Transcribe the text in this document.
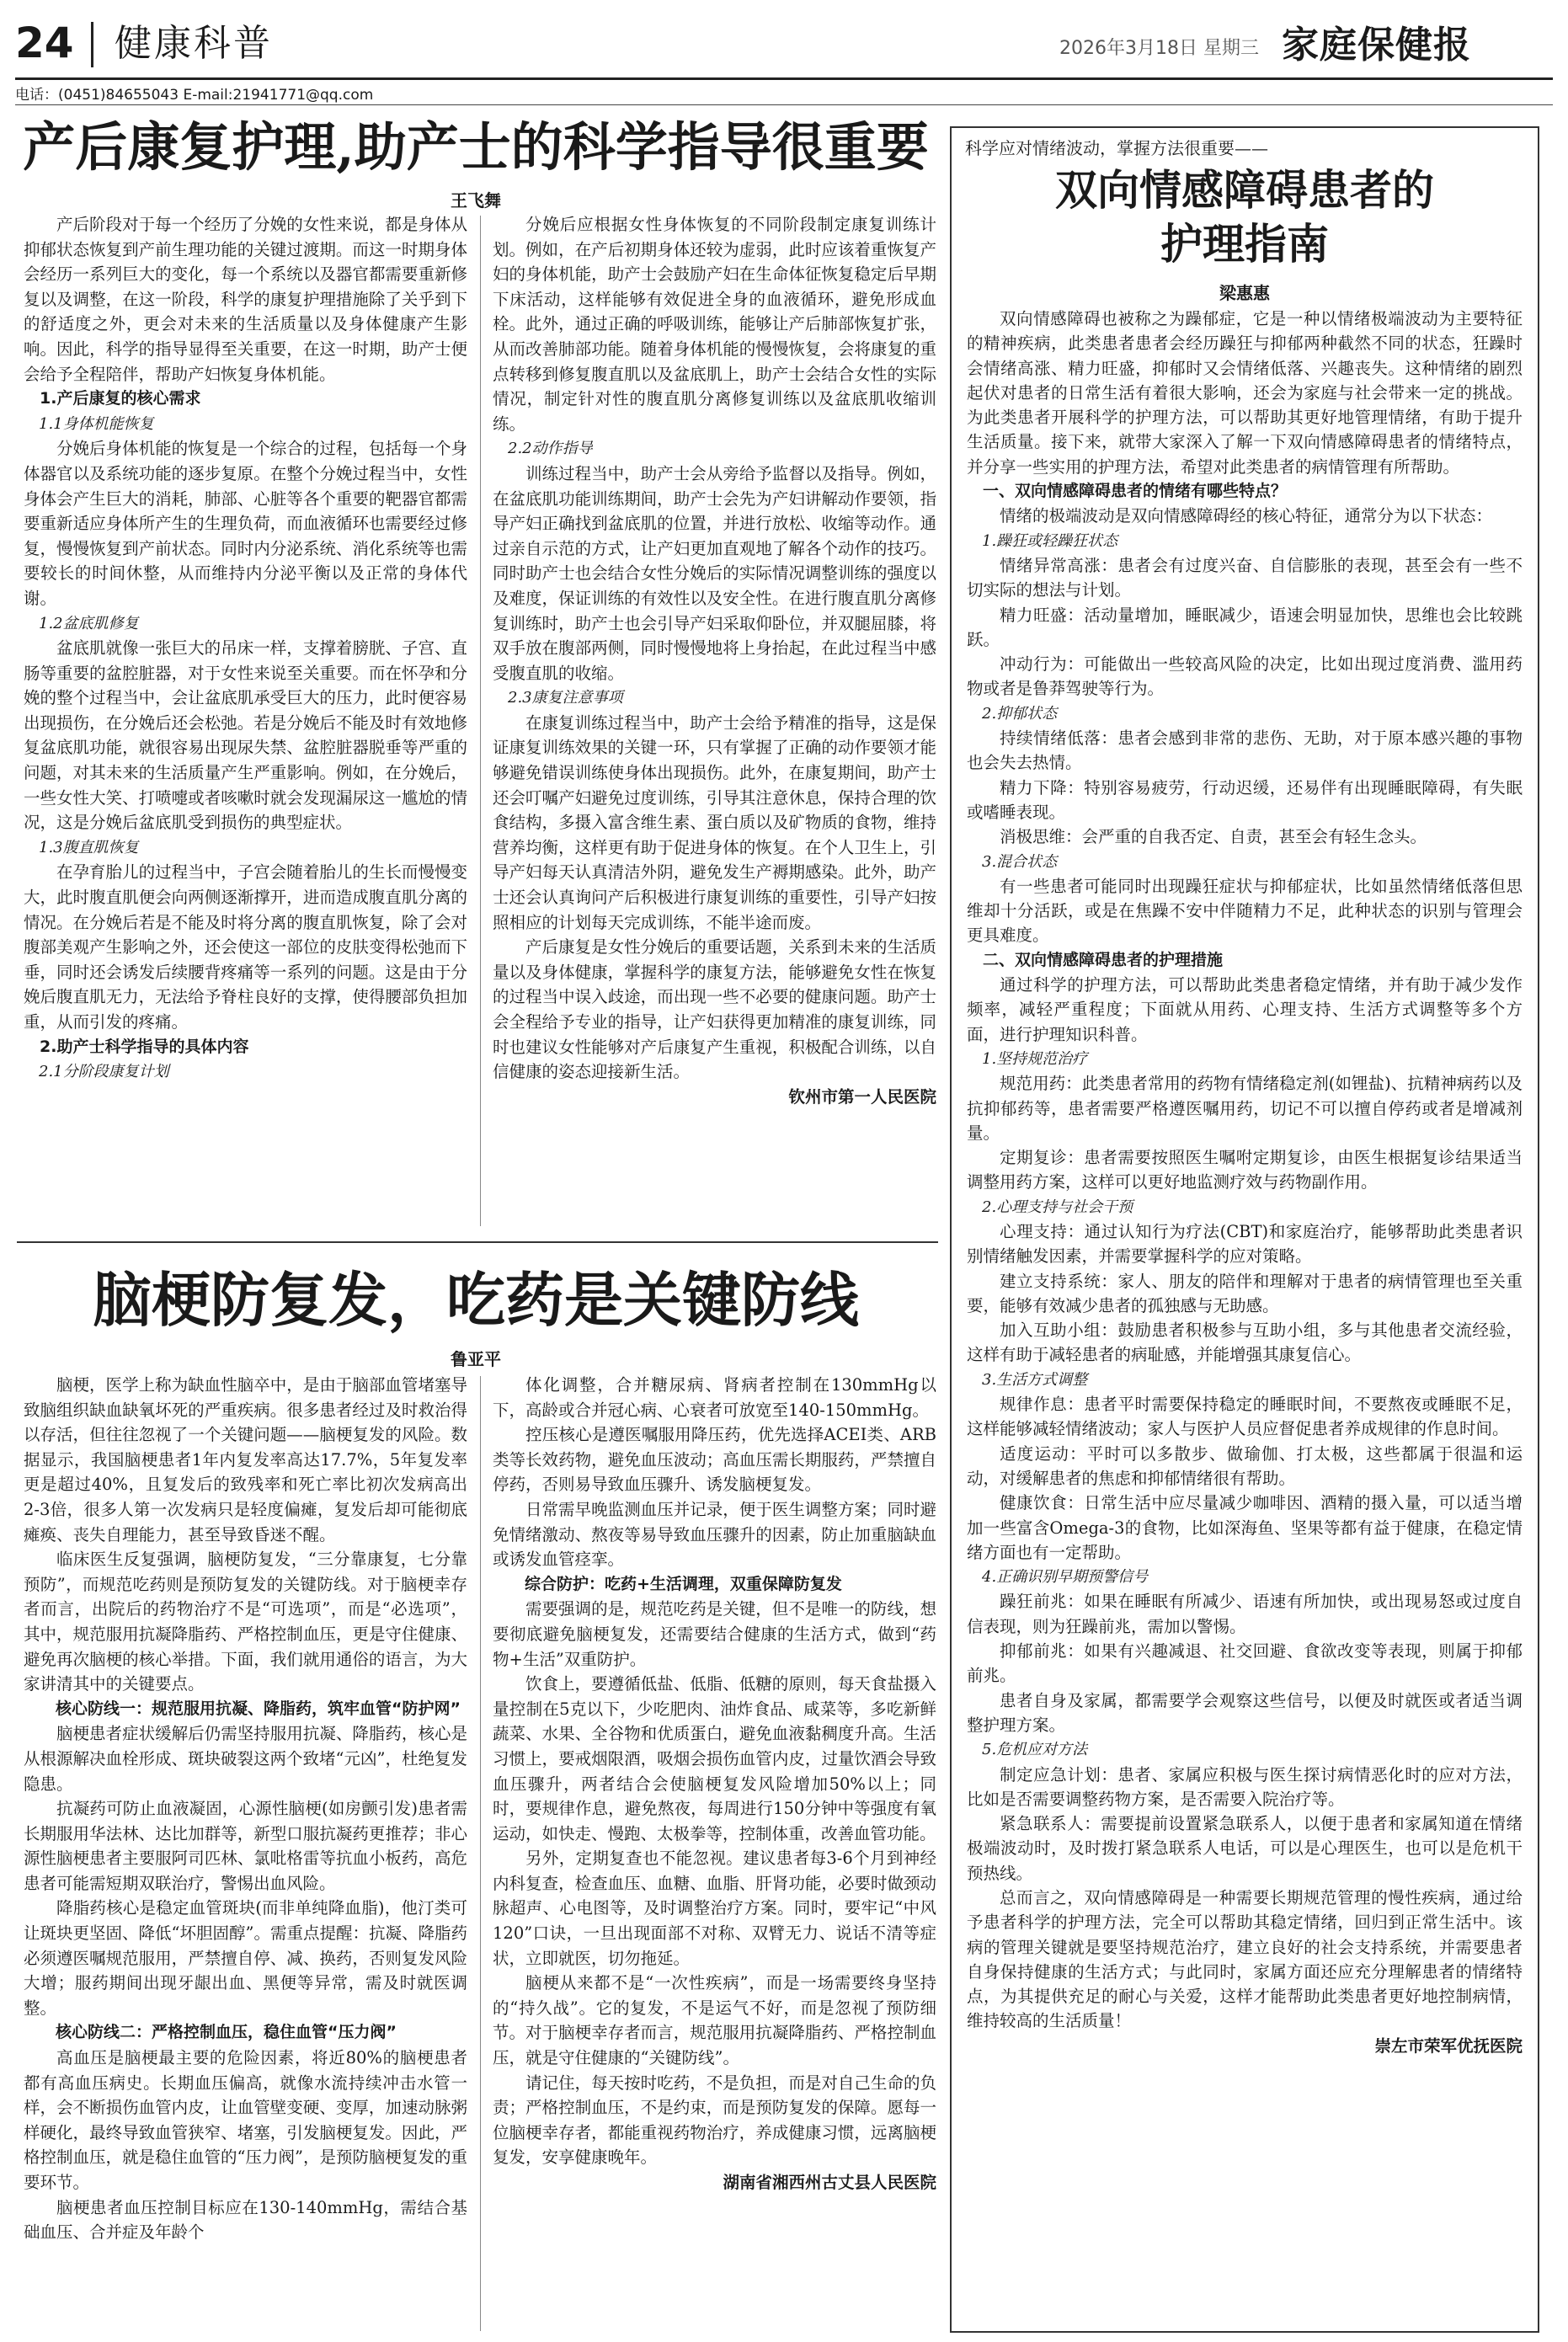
24 健康科普	2026年3月18日 星期三 家庭保健报
电话：(0451)84655043 E-mail:21941771@qq.com
产后康复护理,助产士的科学指导很重要
王飞舞

产后阶段对于每一个经历了分娩的女性来说，都是身体从抑郁状态恢复到产前生理功能的关键过渡期。而这一时期身体会经历一系列巨大的变化，每一个系统以及器官都需要重新修复以及调整，在这一阶段，科学的康复护理措施除了关乎到下的舒适度之外，更会对未来的生活质量以及身体健康产生影响。因此，科学的指导显得至关重要，在这一时期，助产士便会给予全程陪伴，帮助产妇恢复身体机能。

1.产后康复的核心需求

1.1身体机能恢复

分娩后身体机能的恢复是一个综合的过程，包括每一个身体器官以及系统功能的逐步复原。在整个分娩过程当中，女性身体会产生巨大的消耗，肺部、心脏等各个重要的靶器官都需要重新适应身体所产生的生理负荷，而血液循环也需要经过修复，慢慢恢复到产前状态。同时内分泌系统、消化系统等也需要较长的时间休整，从而维持内分泌平衡以及正常的身体代谢。

1.2盆底肌修复

盆底肌就像一张巨大的吊床一样，支撑着膀胱、子宫、直肠等重要的盆腔脏器，对于女性来说至关重要。而在怀孕和分娩的整个过程当中，会让盆底肌承受巨大的压力，此时便容易出现损伤，在分娩后还会松弛。若是分娩后不能及时有效地修复盆底肌功能，就很容易出现尿失禁、盆腔脏器脱垂等严重的问题，对其未来的生活质量产生严重影响。例如，在分娩后，一些女性大笑、打喷嚏或者咳嗽时就会发现漏尿这一尴尬的情况，这是分娩后盆底肌受到损伤的典型症状。

1.3腹直肌恢复

在孕育胎儿的过程当中，子宫会随着胎儿的生长而慢慢变大，此时腹直肌便会向两侧逐渐撑开，进而造成腹直肌分离的情况。在分娩后若是不能及时将分离的腹直肌恢复，除了会对腹部美观产生影响之外，还会使这一部位的皮肤变得松弛而下垂，同时还会诱发后续腰背疼痛等一系列的问题。这是由于分娩后腹直肌无力，无法给予脊柱良好的支撑，使得腰部负担加重，从而引发的疼痛。

2.助产士科学指导的具体内容

2.1分阶段康复计划

分娩后应根据女性身体恢复的不同阶段制定康复训练计划。例如，在产后初期身体还较为虚弱，此时应该着重恢复产妇的身体机能，助产士会鼓励产妇在生命体征恢复稳定后早期下床活动，这样能够有效促进全身的血液循环，避免形成血栓。此外，通过正确的呼吸训练，能够让产后肺部恢复扩张，从而改善肺部功能。随着身体机能的慢慢恢复，会将康复的重点转移到修复腹直肌以及盆底肌上，助产士会结合女性的实际情况，制定针对性的腹直肌分离修复训练以及盆底肌收缩训练。

2.2动作指导

训练过程当中，助产士会从旁给予监督以及指导。例如，在盆底肌功能训练期间，助产士会先为产妇讲解动作要领，指导产妇正确找到盆底肌的位置，并进行放松、收缩等动作。通过亲自示范的方式，让产妇更加直观地了解各个动作的技巧。同时助产士也会结合女性分娩后的实际情况调整训练的强度以及难度，保证训练的有效性以及安全性。在进行腹直肌分离修复训练时，助产士也会引导产妇采取仰卧位，并双腿屈膝，将双手放在腹部两侧，同时慢慢地将上身抬起，在此过程当中感受腹直肌的收缩。

2.3康复注意事项

在康复训练过程当中，助产士会给予精准的指导，这是保证康复训练效果的关键一环，只有掌握了正确的动作要领才能够避免错误训练使身体出现损伤。此外，在康复期间，助产士还会叮嘱产妇避免过度训练，引导其注意休息，保持合理的饮食结构，多摄入富含维生素、蛋白质以及矿物质的食物，维持营养均衡，这样更有助于促进身体的恢复。在个人卫生上，引导产妇每天认真清洁外阴，避免发生产褥期感染。此外，助产士还会认真询问产后积极进行康复训练的重要性，引导产妇按照相应的计划每天完成训练，不能半途而废。

产后康复是女性分娩后的重要话题，关系到未来的生活质量以及身体健康，掌握科学的康复方法，能够避免女性在恢复的过程当中误入歧途，而出现一些不必要的健康问题。助产士会全程给予专业的指导，让产妇获得更加精准的康复训练，同时也建议女性能够对产后康复产生重视，积极配合训练，以自信健康的姿态迎接新生活。

钦州市第一人民医院

脑梗防复发，吃药是关键防线
鲁亚平

脑梗，医学上称为缺血性脑卒中，是由于脑部血管堵塞导致脑组织缺血缺氧坏死的严重疾病。很多患者经过及时救治得以存活，但往往忽视了一个关键问题——脑梗复发的风险。数据显示，我国脑梗患者1年内复发率高达17.7%，5年复发率更是超过40%，且复发后的致残率和死亡率比初次发病高出2-3倍，很多人第一次发病只是轻度偏瘫，复发后却可能彻底瘫痪、丧失自理能力，甚至导致昏迷不醒。

临床医生反复强调，脑梗防复发，“三分靠康复，七分靠预防”，而规范吃药则是预防复发的关键防线。对于脑梗幸存者而言，出院后的药物治疗不是“可选项”，而是“必选项”，其中，规范服用抗凝降脂药、严格控制血压，更是守住健康、避免再次脑梗的核心举措。下面，我们就用通俗的语言，为大家讲清其中的关键要点。

核心防线一：规范服用抗凝、降脂药，筑牢血管“防护网”

脑梗患者症状缓解后仍需坚持服用抗凝、降脂药，核心是从根源解决血栓形成、斑块破裂这两个致堵“元凶”，杜绝复发隐患。

抗凝药可防止血液凝固，心源性脑梗(如房颤引发)患者需长期服用华法林、达比加群等，新型口服抗凝药更推荐；非心源性脑梗患者主要服阿司匹林、氯吡格雷等抗血小板药，高危患者可能需短期双联治疗，警惕出血风险。

降脂药核心是稳定血管斑块(而非单纯降血脂)，他汀类可让斑块更坚固、降低“坏胆固醇”。需重点提醒：抗凝、降脂药必须遵医嘱规范服用，严禁擅自停、减、换药，否则复发风险大增；服药期间出现牙龈出血、黑便等异常，需及时就医调整。

核心防线二：严格控制血压，稳住血管“压力阀”

高血压是脑梗最主要的危险因素，将近80%的脑梗患者都有高血压病史。长期血压偏高，就像水流持续冲击水管一样，会不断损伤血管内皮，让血管壁变硬、变厚，加速动脉粥样硬化，最终导致血管狭窄、堵塞，引发脑梗复发。因此，严格控制血压，就是稳住血管的“压力阀”，是预防脑梗复发的重要环节。

脑梗患者血压控制目标应在130-140mmHg，需结合基础血压、合并症及年龄个

体化调整，合并糖尿病、肾病者控制在130mmHg以下，高龄或合并冠心病、心衰者可放宽至140-150mmHg。

控压核心是遵医嘱服用降压药，优先选择ACEI类、ARB类等长效药物，避免血压波动；高血压需长期服药，严禁擅自停药，否则易导致血压骤升、诱发脑梗复发。

日常需早晚监测血压并记录，便于医生调整方案；同时避免情绪激动、熬夜等易导致血压骤升的因素，防止加重脑缺血或诱发血管痉挛。

综合防护：吃药+生活调理，双重保障防复发

需要强调的是，规范吃药是关键，但不是唯一的防线，想要彻底避免脑梗复发，还需要结合健康的生活方式，做到“药物+生活”双重防护。

饮食上，要遵循低盐、低脂、低糖的原则，每天食盐摄入量控制在5克以下，少吃肥肉、油炸食品、咸菜等，多吃新鲜蔬菜、水果、全谷物和优质蛋白，避免血液黏稠度升高。生活习惯上，要戒烟限酒，吸烟会损伤血管内皮，过量饮酒会导致血压骤升，两者结合会使脑梗复发风险增加50%以上；同时，要规律作息，避免熬夜，每周进行150分钟中等强度有氧运动，如快走、慢跑、太极拳等，控制体重，改善血管功能。

另外，定期复查也不能忽视。建议患者每3-6个月到神经内科复查，检查血压、血糖、血脂、肝肾功能，必要时做颈动脉超声、心电图等，及时调整治疗方案。同时，要牢记“中风120”口诀，一旦出现面部不对称、双臂无力、说话不清等症状，立即就医，切勿拖延。

脑梗从来都不是“一次性疾病”，而是一场需要终身坚持的“持久战”。它的复发，不是运气不好，而是忽视了预防细节。对于脑梗幸存者而言，规范服用抗凝降脂药、严格控制血压，就是守住健康的“关键防线”。

请记住，每天按时吃药，不是负担，而是对自己生命的负责；严格控制血压，不是约束，而是预防复发的保障。愿每一位脑梗幸存者，都能重视药物治疗，养成健康习惯，远离脑梗复发，安享健康晚年。

湖南省湘西州古丈县人民医院

科学应对情绪波动，掌握方法很重要——
双向情感障碍患者的
护理指南
梁惠惠

双向情感障碍也被称之为躁郁症，它是一种以情绪极端波动为主要特征的精神疾病，此类患者患者会经历躁狂与抑郁两种截然不同的状态，狂躁时会情绪高涨、精力旺盛，抑郁时又会情绪低落、兴趣丧失。这种情绪的剧烈起伏对患者的日常生活有着很大影响，还会为家庭与社会带来一定的挑战。为此类患者开展科学的护理方法，可以帮助其更好地管理情绪，有助于提升生活质量。接下来，就带大家深入了解一下双向情感障碍患者的情绪特点，并分享一些实用的护理方法，希望对此类患者的病情管理有所帮助。

一、双向情感障碍患者的情绪有哪些特点？

情绪的极端波动是双向情感障碍经的核心特征，通常分为以下状态：

1.躁狂或轻躁狂状态

情绪异常高涨：患者会有过度兴奋、自信膨胀的表现，甚至会有一些不切实际的想法与计划。

精力旺盛：活动量增加，睡眠减少，语速会明显加快，思维也会比较跳跃。

冲动行为：可能做出一些较高风险的决定，比如出现过度消费、滥用药物或者是鲁莽驾驶等行为。

2.抑郁状态

持续情绪低落：患者会感到非常的悲伤、无助，对于原本感兴趣的事物也会失去热情。

精力下降：特别容易疲劳，行动迟缓，还易伴有出现睡眠障碍，有失眠或嗜睡表现。

消极思维：会严重的自我否定、自责，甚至会有轻生念头。

3.混合状态

有一些患者可能同时出现躁狂症状与抑郁症状，比如虽然情绪低落但思维却十分活跃，或是在焦躁不安中伴随精力不足，此种状态的识别与管理会更具难度。

二、双向情感障碍患者的护理措施

通过科学的护理方法，可以帮助此类患者稳定情绪，并有助于减少发作频率，减轻严重程度；下面就从用药、心理支持、生活方式调整等多个方面，进行护理知识科普。

1.坚持规范治疗

规范用药：此类患者常用的药物有情绪稳定剂(如锂盐)、抗精神病药以及抗抑郁药等，患者需要严格遵医嘱用药，切记不可以擅自停药或者是增减剂量。

定期复诊：患者需要按照医生嘱咐定期复诊，由医生根据复诊结果适当调整用药方案，这样可以更好地监测疗效与药物副作用。

2.心理支持与社会干预

心理支持：通过认知行为疗法(CBT)和家庭治疗，能够帮助此类患者识别情绪触发因素，并需要掌握科学的应对策略。

建立支持系统：家人、朋友的陪伴和理解对于患者的病情管理也至关重要，能够有效减少患者的孤独感与无助感。

加入互助小组：鼓励患者积极参与互助小组，多与其他患者交流经验，这样有助于减轻患者的病耻感，并能增强其康复信心。

3.生活方式调整

规律作息：患者平时需要保持稳定的睡眠时间，不要熬夜或睡眠不足，这样能够减轻情绪波动；家人与医护人员应督促患者养成规律的作息时间。

适度运动：平时可以多散步、做瑜伽、打太极，这些都属于很温和运动，对缓解患者的焦虑和抑郁情绪很有帮助。

健康饮食：日常生活中应尽量减少咖啡因、酒精的摄入量，可以适当增加一些富含Omega-3的食物，比如深海鱼、坚果等都有益于健康，在稳定情绪方面也有一定帮助。

4.正确识别早期预警信号

躁狂前兆：如果在睡眠有所减少、语速有所加快，或出现易怒或过度自信表现，则为狂躁前兆，需加以警惕。

抑郁前兆：如果有兴趣减退、社交回避、食欲改变等表现，则属于抑郁前兆。

患者自身及家属，都需要学会观察这些信号，以便及时就医或者适当调整护理方案。

5.危机应对方法

制定应急计划：患者、家属应积极与医生探讨病情恶化时的应对方法，比如是否需要调整药物方案，是否需要入院治疗等。

紧急联系人：需要提前设置紧急联系人，以便于患者和家属知道在情绪极端波动时，及时拨打紧急联系人电话，可以是心理医生，也可以是危机干预热线。

总而言之，双向情感障碍是一种需要长期规范管理的慢性疾病，通过给予患者科学的护理方法，完全可以帮助其稳定情绪，回归到正常生活中。该病的管理关键就是要坚持规范治疗，建立良好的社会支持系统，并需要患者自身保持健康的生活方式；与此同时，家属方面还应充分理解患者的情绪特点，为其提供充足的耐心与关爱，这样才能帮助此类患者更好地控制病情，维持较高的生活质量！

崇左市荣军优抚医院
